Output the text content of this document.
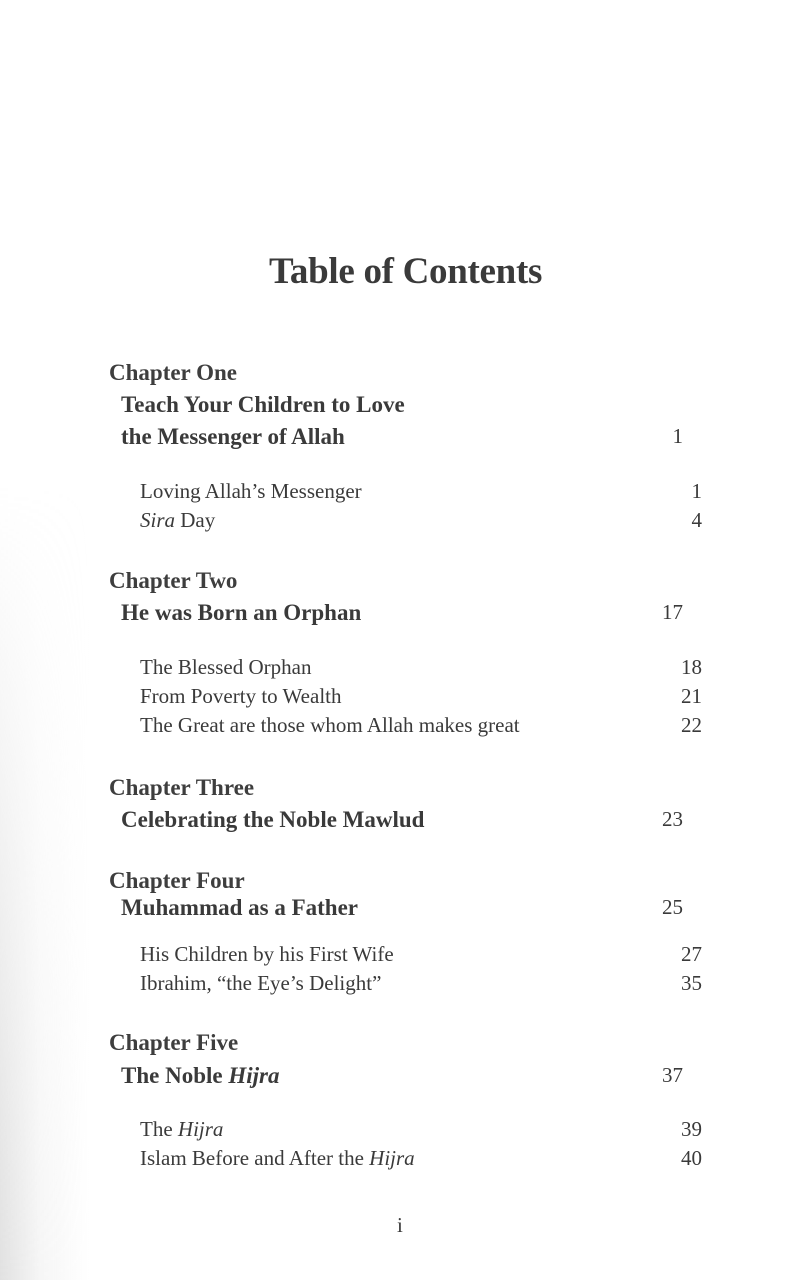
Table of Contents
Chapter One
Teach Your Children to Love
the Messenger of Allah	1
Loving Allah’s Messenger	1
Sira Day	4
Chapter Two
He was Born an Orphan	17
The Blessed Orphan	18
From Poverty to Wealth	21
The Great are those whom Allah makes great	22
Chapter Three
Celebrating the Noble Mawlud	23
Chapter Four
Muhammad as a Father	25
His Children by his First Wife	27
Ibrahim, “the Eye’s Delight”	35
Chapter Five
The Noble Hijra	37
The Hijra	39
Islam Before and After the Hijra	40
i
